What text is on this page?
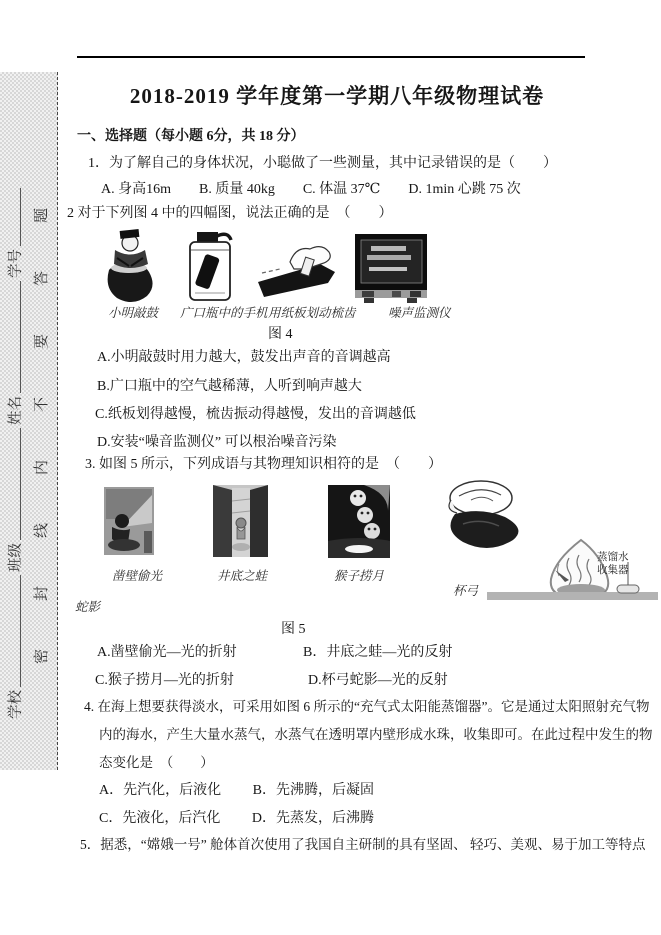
学校
班级
姓名
学号 密封线内不要答题
2018-2019 学年度第一学期八年级物理试卷
一、选择题（每小题 6分，共 18 分）
1．为了解自己的身体状况，小聪做了一些测量，其中记录错误的是（　　）
A. 身高16m　　B. 质量 40kg　　C. 体温 37℃　　D. 1min 心跳 75 次
2 对于下列图 4 中的四幅图，说法正确的是　（　　）
小明敲鼓 广口瓶中的手机 用纸板划动梳齿	噪声监测仪
图 4
A.小明敲鼓时用力越大，鼓发出声音的音调越高
B.广口瓶中的空气越稀薄，人听到响声越大
C.纸板划得越慢，梳齿振动得越慢，发出的音调越低
D.安装“噪音监测仪” 可以根治噪音污染
3. 如图 5 所示，下列成语与其物理知识相符的是　（　　）
蒸馏水
收集器
凿壁偷光	井底之蛙	猴子捞月
杯弓
蛇影
图 5
A.凿壁偷光—光的折射	B．井底之蛙—光的反射
C.猴子捞月—光的折射	D.杯弓蛇影—光的反射
4. 在海上想要获得淡水，可采用如图 6 所示的“充气式太阳能蒸馏器”。它是通过太阳照射充气物
内的海水，产生大量水蒸气，水蒸气在透明罩内壁形成水珠，收集即可。在此过程中发生的物
态变化是　（　　）
A．先汽化，后液化　　 B．先沸腾，后凝固
C．先液化，后汽化　　 D．先蒸发，后沸腾
5．据悉，“嫦娥一号” 舱体首次使用了我国自主研制的具有坚固、 轻巧、美观、易于加工等特点
